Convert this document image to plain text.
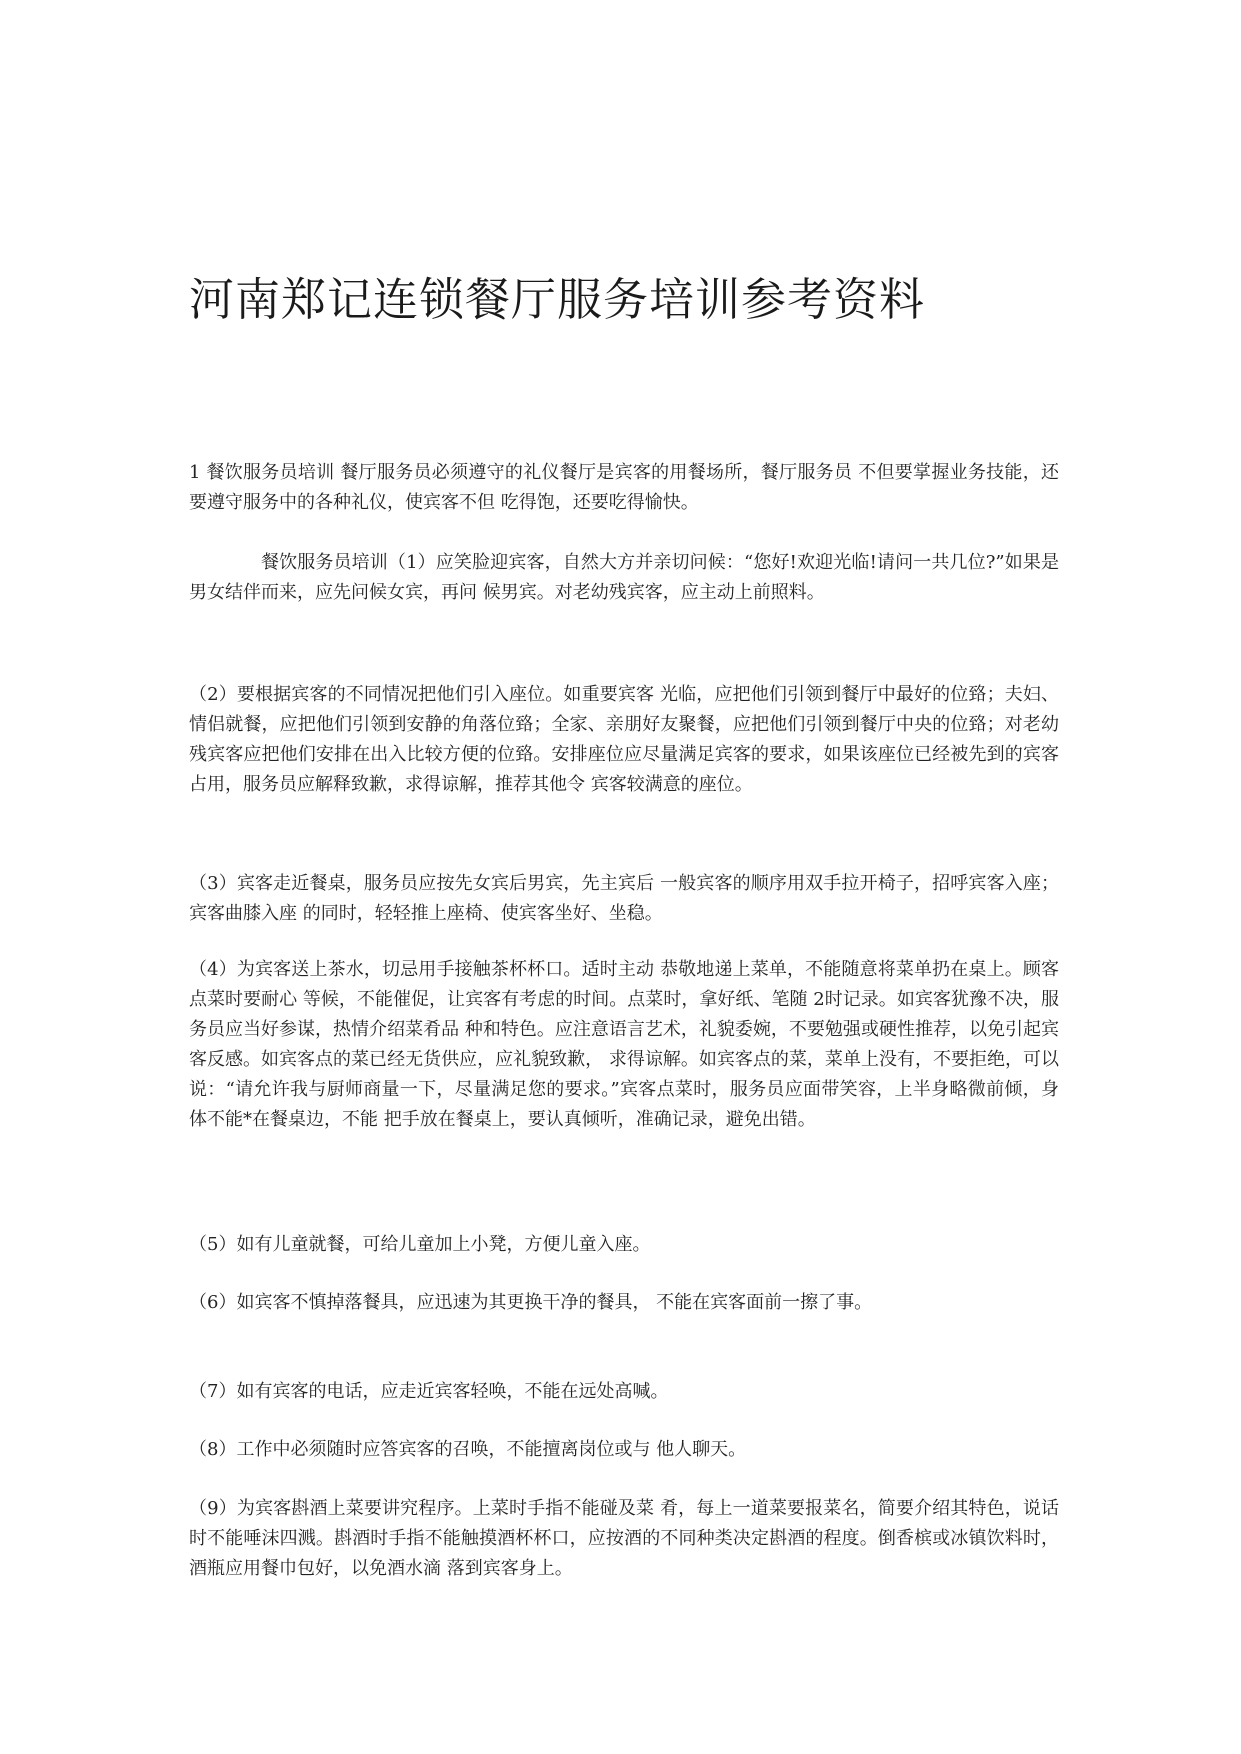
河南郑记连锁餐厅服务培训参考资料

1 餐饮服务员培训 餐厅服务员必须遵守的礼仪餐厅是宾客的用餐场所，餐厅服务员 不但要掌握业务技能，还要遵守服务中的各种礼仪，使宾客不但 吃得饱，还要吃得愉快。

餐饮服务员培训（1）应笑脸迎宾客，自然大方并亲切问候：“您好!欢迎光临!请问一共几位?”如果是男女结伴而来，应先问候女宾，再问 候男宾。对老幼残宾客，应主动上前照料。

（2）要根据宾客的不同情况把他们引入座位。如重要宾客 光临，应把他们引领到餐厅中最好的位臵；夫妇、情侣就餐，应把他们引领到安静的角落位臵；全家、亲朋好友聚餐，应把他们引领到餐厅中央的位臵；对老幼残宾客应把他们安排在出入比较方便的位臵。安排座位应尽量满足宾客的要求，如果该座位已经被先到的宾客占用，服务员应解释致歉，求得谅解，推荐其他令 宾客较满意的座位。

（3）宾客走近餐桌，服务员应按先女宾后男宾，先主宾后 一般宾客的顺序用双手拉开椅子，招呼宾客入座；宾客曲膝入座 的同时，轻轻推上座椅、使宾客坐好、坐稳。

（4）为宾客送上茶水，切忌用手接触茶杯杯口。适时主动 恭敬地递上菜单，不能随意将菜单扔在桌上。顾客点菜时要耐心 等候，不能催促，让宾客有考虑的时间。点菜时，拿好纸、笔随 2时记录。如宾客犹豫不决，服务员应当好参谋，热情介绍菜肴品 种和特色。应注意语言艺术，礼貌委婉，不要勉强或硬性推荐，以免引起宾客反感。如宾客点的菜已经无货供应，应礼貌致歉， 求得谅解。如宾客点的菜，菜单上没有，不要拒绝，可以说：“请允许我与厨师商量一下，尽量满足您的要求。”宾客点菜时，服务员应面带笑容，上半身略微前倾，身体不能*在餐桌边，不能 把手放在餐桌上，要认真倾听，准确记录，避免出错。

（5）如有儿童就餐，可给儿童加上小凳，方便儿童入座。

（6）如宾客不慎掉落餐具，应迅速为其更换干净的餐具， 不能在宾客面前一擦了事。

（7）如有宾客的电话，应走近宾客轻唤，不能在远处高喊。

（8）工作中必须随时应答宾客的召唤，不能擅离岗位或与 他人聊天。

（9）为宾客斟酒上菜要讲究程序。上菜时手指不能碰及菜 肴，每上一道菜要报菜名，简要介绍其特色，说话时不能唾沫四溅。斟酒时手指不能触摸酒杯杯口，应按酒的不同种类决定斟酒的程度。倒香槟或冰镇饮料时，酒瓶应用餐巾包好，以免酒水滴 落到宾客身上。
